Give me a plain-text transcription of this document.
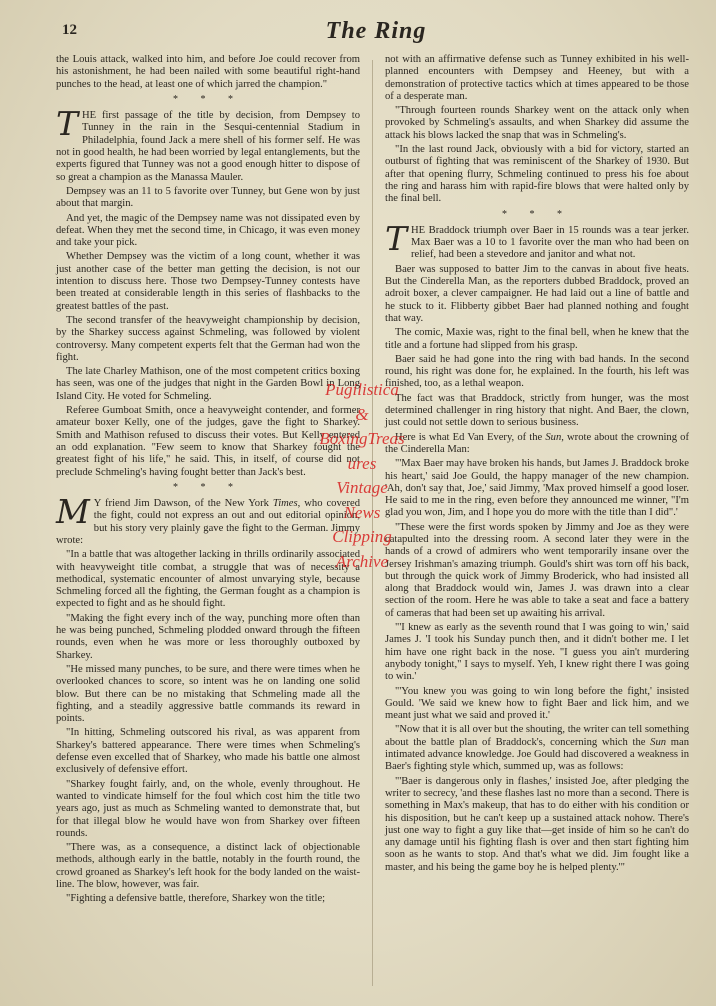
12	The Ring

the Louis attack, walked into him, and before Joe could recover from his astonishment, he had been nailed with some beautiful right-hand punches to the head, at least one of which jarred the champion."

* * *

THE first passage of the title by decision, from Dempsey to Tunney in the rain in the Sesqui-centennial Stadium in Philadelphia, found Jack a mere shell of his former self. He was not in good health, he had been worried by legal entanglements, but the experts figured that Tunney was not a good enough hitter to dispose of so great a champion as the Manassa Mauler.

Dempsey was an 11 to 5 favorite over Tunney, but Gene won by just about that margin.

And yet, the magic of the Dempsey name was not dissipated even by defeat. When they met the second time, in Chicago, it was even money and take your pick.

Whether Dempsey was the victim of a long count, whether it was just another case of the better man getting the decision, is not our intention to discuss here. Those two Dempsey-Tunney contests have been treated at considerable length in this series of flashbacks to the greatest battles of the past.

The second transfer of the heavyweight championship by decision, by the Sharkey success against Schmeling, was followed by violent controversy. Many competent experts felt that the German had won the fight.

The late Charley Mathison, one of the most competent critics boxing has seen, was one of the judges that night in the Garden Bowl in Long Island City. He voted for Schmeling.

Referee Gumboat Smith, once a heavyweight contender, and former amateur boxer Kelly, one of the judges, gave the fight to Sharkey. Smith and Mathison refused to discuss their votes. But Kelly entered an odd explanation. "Few seem to know that Sharkey fought the greatest fight of his life," he said. This, in itself, of course did not preclude Schmeling's having fought better than Jack's best.

* * *

M Y friend Jim Dawson, of the New York Times, who covered the fight, could not express an out and out editorial opinion, but his story very plainly gave the fight to the German. Jimmy wrote:

"In a battle that was altogether lacking in thrills ordinarily associated with heavyweight title combat, a struggle that was of necessity a methodical, systematic encounter of almost unvarying style, because Schmeling forced all the fighting, the German fought as a champion is expected to fight and as he should fight.

"Making the fight every inch of the way, punching more often than he was being punched, Schmeling plodded onward through the fifteen rounds, even when he was more or less thoroughly outboxed by Sharkey.

"He missed many punches, to be sure, and there were times when he overlooked chances to score, so intent was he on landing one solid blow. But there can be no mistaking that Schmeling made all the fighting, and a steadily aggressive battle commands its reward in points.

"In hitting, Schmeling outscored his rival, as was apparent from Sharkey's battered appearance. There were times when Schmeling's defense even excelled that of Sharkey, who made his battle one almost exclusively of defensive effort.

"Sharkey fought fairly, and, on the whole, evenly throughout. He wanted to vindicate himself for the foul which cost him the title two years ago, just as much as Schmeling wanted to demonstrate that, but for that illegal blow he would have won from Sharkey over fifteen rounds.

"There was, as a consequence, a distinct lack of objectionable methods, although early in the battle, notably in the fourth round, the crowd groaned as Sharkey's left hook for the body landed on the waist-line. The blow, however, was fair.

"Fighting a defensive battle, therefore, Sharkey won the title;

not with an affirmative defense such as Tunney exhibited in his well-planned encounters with Dempsey and Heeney, but with a demonstration of protective tactics which at times appeared to be those of a desperate man.

"Through fourteen rounds Sharkey went on the attack only when provoked by Schmeling's assaults, and when Sharkey did assume the attack his blows lacked the snap that was in Schmeling's.

"In the last round Jack, obviously with a bid for victory, started an outburst of fighting that was reminiscent of the Sharkey of 1930. But after that opening flurry, Schmeling continued to press his foe about the ring and harass him with rapid-fire blows that were halted only by the final bell.

* * *

THE Braddock triumph over Baer in 15 rounds was a tear jerker. Max Baer was a 10 to 1 favorite over the man who had been on relief, had been a stevedore and janitor and what not.

Baer was supposed to batter Jim to the canvas in about five heats. But the Cinderella Man, as the reporters dubbed Braddock, proved an adroit boxer, a clever campaigner. He had laid out a line of battle and he stuck to it. Flibberty gibbet Baer had planned nothing and fought that way.

The comic, Maxie was, right to the final bell, when he knew that the title and a fortune had slipped from his grasp.

Baer said he had gone into the ring with bad hands. In the second round, his right was done for, he explained. In the fourth, his left was finished, too, as a lethal weapon.

The fact was that Braddock, strictly from hunger, was the most determined challenger in ring history that night. And Baer, the clown, just could not settle down to serious business.

Here is what Ed Van Every, of the Sun, wrote about the crowning of the Cinderella Man:

"'Max Baer may have broken his hands, but James J. Braddock broke his heart,' said Joe Gould, the happy manager of the new champion. 'Ah, don't say that, Joe,' said Jimmy, 'Max proved himself a good loser. He said to me in the ring, even before they announced me winner, "I'm glad you won, Jim, and I hope you do more with the title than I did".'

"These were the first words spoken by Jimmy and Joe as they were catapulted into the dressing room. A second later they were in the hands of a crowd of admirers who went temporarily insane over the Jersey Irishman's amazing triumph. Gould's shirt was torn off his back, but through the quick work of Jimmy Broderick, who had insisted all along that Braddock would win, James J. was drawn into a clear section of the room. Here he was able to take a seat and face a battery of cameras that had been set up awaiting his arrival.

"'I knew as early as the seventh round that I was going to win,' said James J. 'I took his Sunday punch then, and it didn't bother me. I let him have one right back in the nose. "I guess you ain't murdering anybody tonight," I says to myself. Yeh, I knew right there I was going to win.'

"'You knew you was going to win long before the fight,' insisted Gould. 'We said we knew how to fight Baer and lick him, and we meant just what we said and proved it.'

"Now that it is all over but the shouting, the writer can tell something about the battle plan of Braddock's, concerning which the Sun man intimated advance knowledge. Joe Gould had discovered a weakness in Baer's fighting style which, summed up, was as follows:

"'Baer is dangerous only in flashes,' insisted Joe, after pledging the writer to secrecy, 'and these flashes last no more than a second. There is something in Max's makeup, that has to do either with his condition or his disposition, but he can't keep up a sustained attack nohow. There's just one way to fight a guy like that—get inside of him so he can't do any damage until his fighting flash is over and then start fighting him soon as he wants to stop. And that's what we did. Jim fought like a master, and his being the game boy he is helped plenty.'"

Pugilistica
&
BoxingTreas
ures
Vintage
News
Clipping
Archive
